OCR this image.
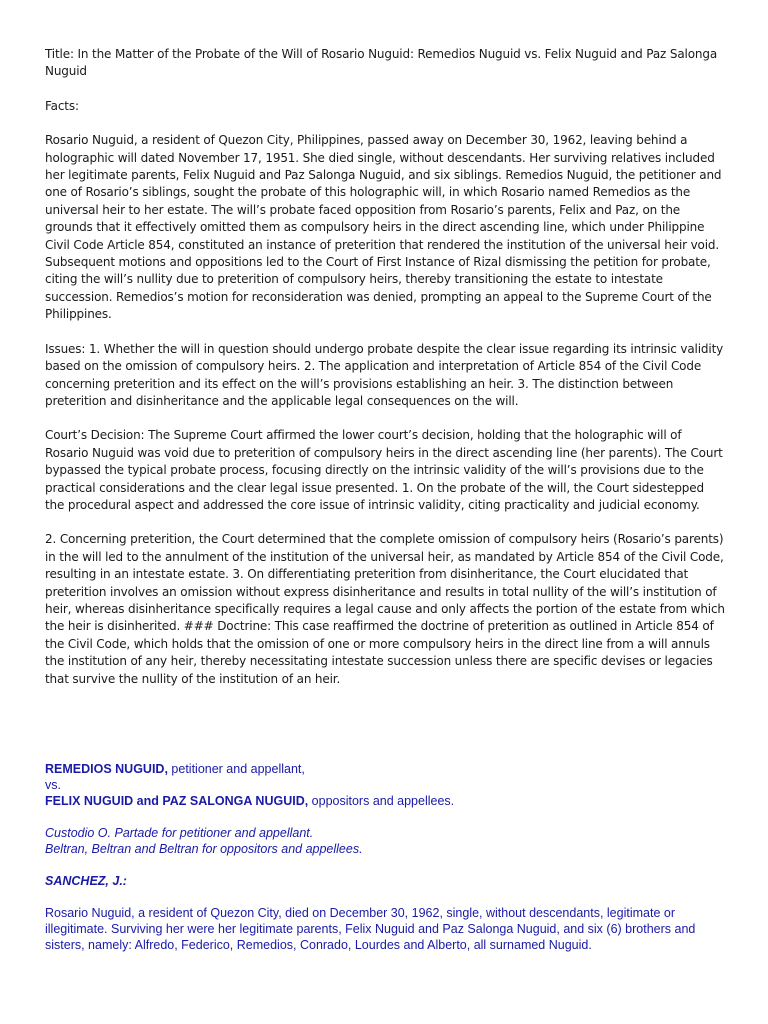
Title: In the Matter of the Probate of the Will of Rosario Nuguid: Remedios Nuguid vs. Felix Nuguid and Paz Salonga Nuguid

Facts:

Rosario Nuguid, a resident of Quezon City, Philippines, passed away on December 30, 1962, leaving behind a holographic will dated November 17, 1951. She died single, without descendants. Her surviving relatives included her legitimate parents, Felix Nuguid and Paz Salonga Nuguid, and six siblings. Remedios Nuguid, the petitioner and one of Rosario’s siblings, sought the probate of this holographic will, in which Rosario named Remedios as the universal heir to her estate. The will’s probate faced opposition from Rosario’s parents, Felix and Paz, on the grounds that it effectively omitted them as compulsory heirs in the direct ascending line, which under Philippine Civil Code Article 854, constituted an instance of preterition that rendered the institution of the universal heir void. Subsequent motions and oppositions led to the Court of First Instance of Rizal dismissing the petition for probate, citing the will’s nullity due to preterition of compulsory heirs, thereby transitioning the estate to intestate succession. Remedios’s motion for reconsideration was denied, prompting an appeal to the Supreme Court of the Philippines.

Issues: 1. Whether the will in question should undergo probate despite the clear issue regarding its intrinsic validity based on the omission of compulsory heirs. 2. The application and interpretation of Article 854 of the Civil Code concerning preterition and its effect on the will’s provisions establishing an heir. 3. The distinction between preterition and disinheritance and the applicable legal consequences on the will.

Court’s Decision: The Supreme Court affirmed the lower court’s decision, holding that the holographic will of Rosario Nuguid was void due to preterition of compulsory heirs in the direct ascending line (her parents). The Court bypassed the typical probate process, focusing directly on the intrinsic validity of the will’s provisions due to the practical considerations and the clear legal issue presented. 1. On the probate of the will, the Court sidestepped the procedural aspect and addressed the core issue of intrinsic validity, citing practicality and judicial economy.

2. Concerning preterition, the Court determined that the complete omission of compulsory heirs (Rosario’s parents) in the will led to the annulment of the institution of the universal heir, as mandated by Article 854 of the Civil Code, resulting in an intestate estate. 3. On differentiating preterition from disinheritance, the Court elucidated that preterition involves an omission without express disinheritance and results in total nullity of the will’s institution of heir, whereas disinheritance specifically requires a legal cause and only affects the portion of the estate from which the heir is disinherited. ### Doctrine: This case reaffirmed the doctrine of preterition as outlined in Article 854 of the Civil Code, which holds that the omission of one or more compulsory heirs in the direct line from a will annuls the institution of any heir, thereby necessitating intestate succession unless there are specific devises or legacies that survive the nullity of the institution of an heir.

REMEDIOS NUGUID, petitioner and appellant,
vs.
FELIX NUGUID and PAZ SALONGA NUGUID, oppositors and appellees.
Custodio O. Partade for petitioner and appellant.
Beltran, Beltran and Beltran for oppositors and appellees.
SANCHEZ, J.:
Rosario Nuguid, a resident of Quezon City, died on December 30, 1962, single, without descendants, legitimate or illegitimate. Surviving her were her legitimate parents, Felix Nuguid and Paz Salonga Nuguid, and six (6) brothers and sisters, namely: Alfredo, Federico, Remedios, Conrado, Lourdes and Alberto, all surnamed Nuguid.
